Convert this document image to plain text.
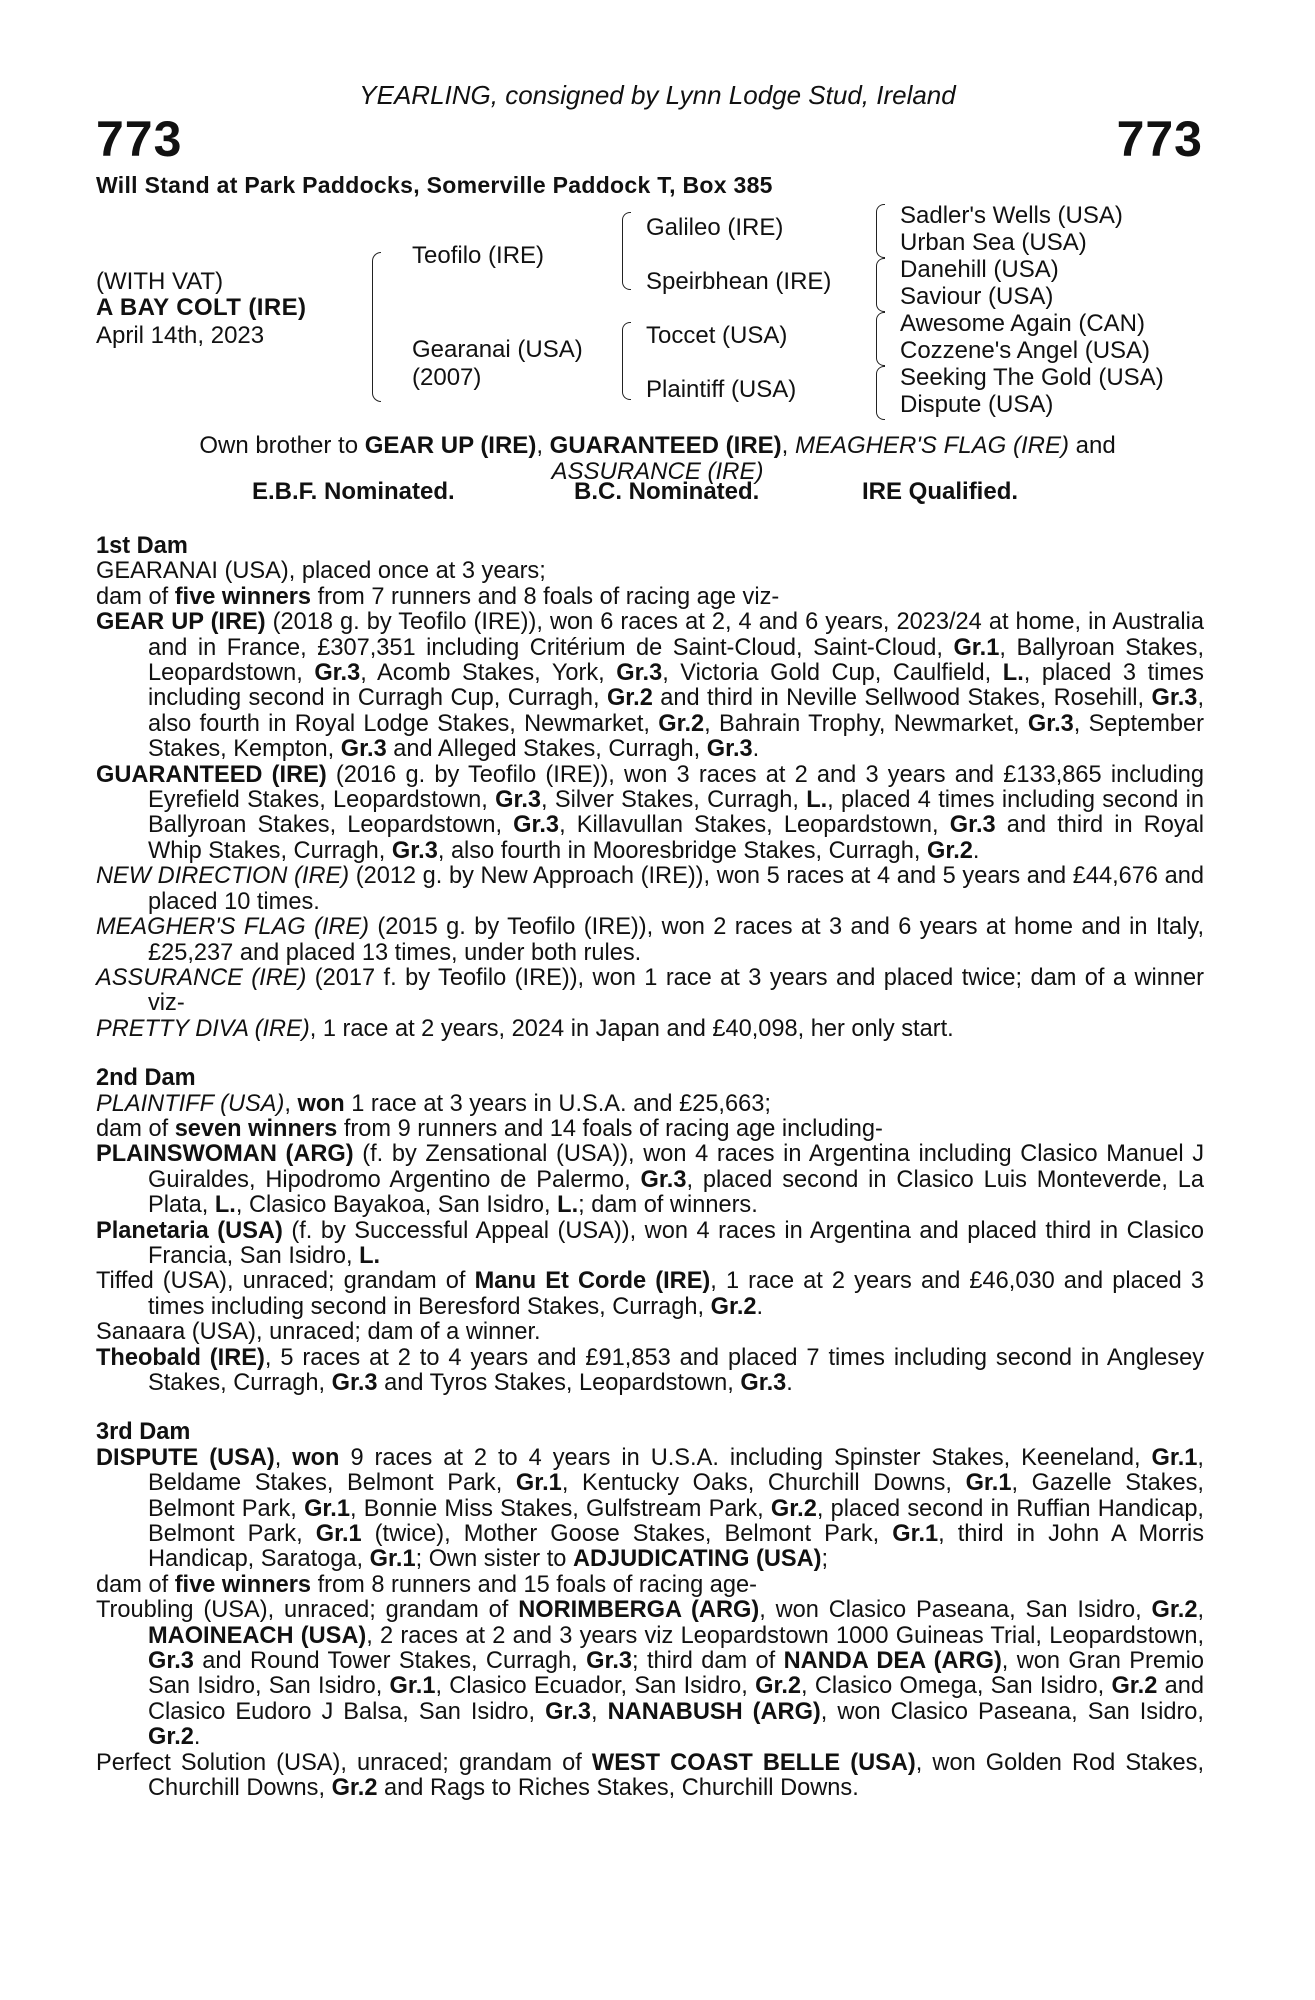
YEARLING, consigned by Lynn Lodge Stud, Ireland
773	773
Will Stand at Park Paddocks, Somerville Paddock T, Box 385
(WITH VAT)
A BAY COLT (IRE)
April 14th, 2023
Teofilo (IRE)
Gearanai (USA)
(2007)
Galileo (IRE)
Speirbhean (IRE)
Toccet (USA)
Plaintiff (USA)
Sadler's Wells (USA)
Urban Sea (USA)
Danehill (USA)
Saviour (USA)
Awesome Again (CAN)
Cozzene's Angel (USA)
Seeking The Gold (USA)
Dispute (USA)
Own brother to GEAR UP (IRE), GUARANTEED (IRE), MEAGHER'S FLAG (IRE) and
ASSURANCE (IRE)
E.B.F. Nominated.	B.C. Nominated.	IRE Qualified.

1st Dam

GEARANAI (USA), placed once at 3 years;

dam of five winners from 7 runners and 8 foals of racing age viz-

GEAR UP (IRE) (2018 g. by Teofilo (IRE)), won 6 races at 2, 4 and 6 years, 2023/24 at home, in Australia and in France, £307,351 including Critérium de Saint-Cloud, Saint-Cloud, Gr.1, Ballyroan Stakes, Leopardstown, Gr.3, Acomb Stakes, York, Gr.3, Victoria Gold Cup, Caulfield, L., placed 3 times including second in Curragh Cup, Curragh, Gr.2 and third in Neville Sellwood Stakes, Rosehill, Gr.3, also fourth in Royal Lodge Stakes, Newmarket, Gr.2, Bahrain Trophy, Newmarket, Gr.3, September Stakes, Kempton, Gr.3 and Alleged Stakes, Curragh, Gr.3.

GUARANTEED (IRE) (2016 g. by Teofilo (IRE)), won 3 races at 2 and 3 years and £133,865 including Eyrefield Stakes, Leopardstown, Gr.3, Silver Stakes, Curragh, L., placed 4 times including second in Ballyroan Stakes, Leopardstown, Gr.3, Killavullan Stakes, Leopardstown, Gr.3 and third in Royal Whip Stakes, Curragh, Gr.3, also fourth in Mooresbridge Stakes, Curragh, Gr.2.

NEW DIRECTION (IRE) (2012 g. by New Approach (IRE)), won 5 races at 4 and 5 years and £44,676 and placed 10 times.

MEAGHER'S FLAG (IRE) (2015 g. by Teofilo (IRE)), won 2 races at 3 and 6 years at home and in Italy, £25,237 and placed 13 times, under both rules.

ASSURANCE (IRE) (2017 f. by Teofilo (IRE)), won 1 race at 3 years and placed twice; dam of a winner viz-

PRETTY DIVA (IRE), 1 race at 2 years, 2024 in Japan and £40,098, her only start.

2nd Dam

PLAINTIFF (USA), won 1 race at 3 years in U.S.A. and £25,663;

dam of seven winners from 9 runners and 14 foals of racing age including-

PLAINSWOMAN (ARG) (f. by Zensational (USA)), won 4 races in Argentina including Clasico Manuel J Guiraldes, Hipodromo Argentino de Palermo, Gr.3, placed second in Clasico Luis Monteverde, La Plata, L., Clasico Bayakoa, San Isidro, L.; dam of winners.

Planetaria (USA) (f. by Successful Appeal (USA)), won 4 races in Argentina and placed third in Clasico Francia, San Isidro, L.

Tiffed (USA), unraced; grandam of Manu Et Corde (IRE), 1 race at 2 years and £46,030 and placed 3 times including second in Beresford Stakes, Curragh, Gr.2.

Sanaara (USA), unraced; dam of a winner.

Theobald (IRE), 5 races at 2 to 4 years and £91,853 and placed 7 times including second in Anglesey Stakes, Curragh, Gr.3 and Tyros Stakes, Leopardstown, Gr.3.

3rd Dam

DISPUTE (USA), won 9 races at 2 to 4 years in U.S.A. including Spinster Stakes, Keeneland, Gr.1, Beldame Stakes, Belmont Park, Gr.1, Kentucky Oaks, Churchill Downs, Gr.1, Gazelle Stakes, Belmont Park, Gr.1, Bonnie Miss Stakes, Gulfstream Park, Gr.2, placed second in Ruffian Handicap, Belmont Park, Gr.1 (twice), Mother Goose Stakes, Belmont Park, Gr.1, third in John A Morris Handicap, Saratoga, Gr.1; Own sister to ADJUDICATING (USA);

dam of five winners from 8 runners and 15 foals of racing age-

Troubling (USA), unraced; grandam of NORIMBERGA (ARG), won Clasico Paseana, San Isidro, Gr.2, MAOINEACH (USA), 2 races at 2 and 3 years viz Leopardstown 1000 Guineas Trial, Leopardstown, Gr.3 and Round Tower Stakes, Curragh, Gr.3; third dam of NANDA DEA (ARG), won Gran Premio San Isidro, San Isidro, Gr.1, Clasico Ecuador, San Isidro, Gr.2, Clasico Omega, San Isidro, Gr.2 and Clasico Eudoro J Balsa, San Isidro, Gr.3, NANABUSH (ARG), won Clasico Paseana, San Isidro, Gr.2.

Perfect Solution (USA), unraced; grandam of WEST COAST BELLE (USA), won Golden Rod Stakes, Churchill Downs, Gr.2 and Rags to Riches Stakes, Churchill Downs.
